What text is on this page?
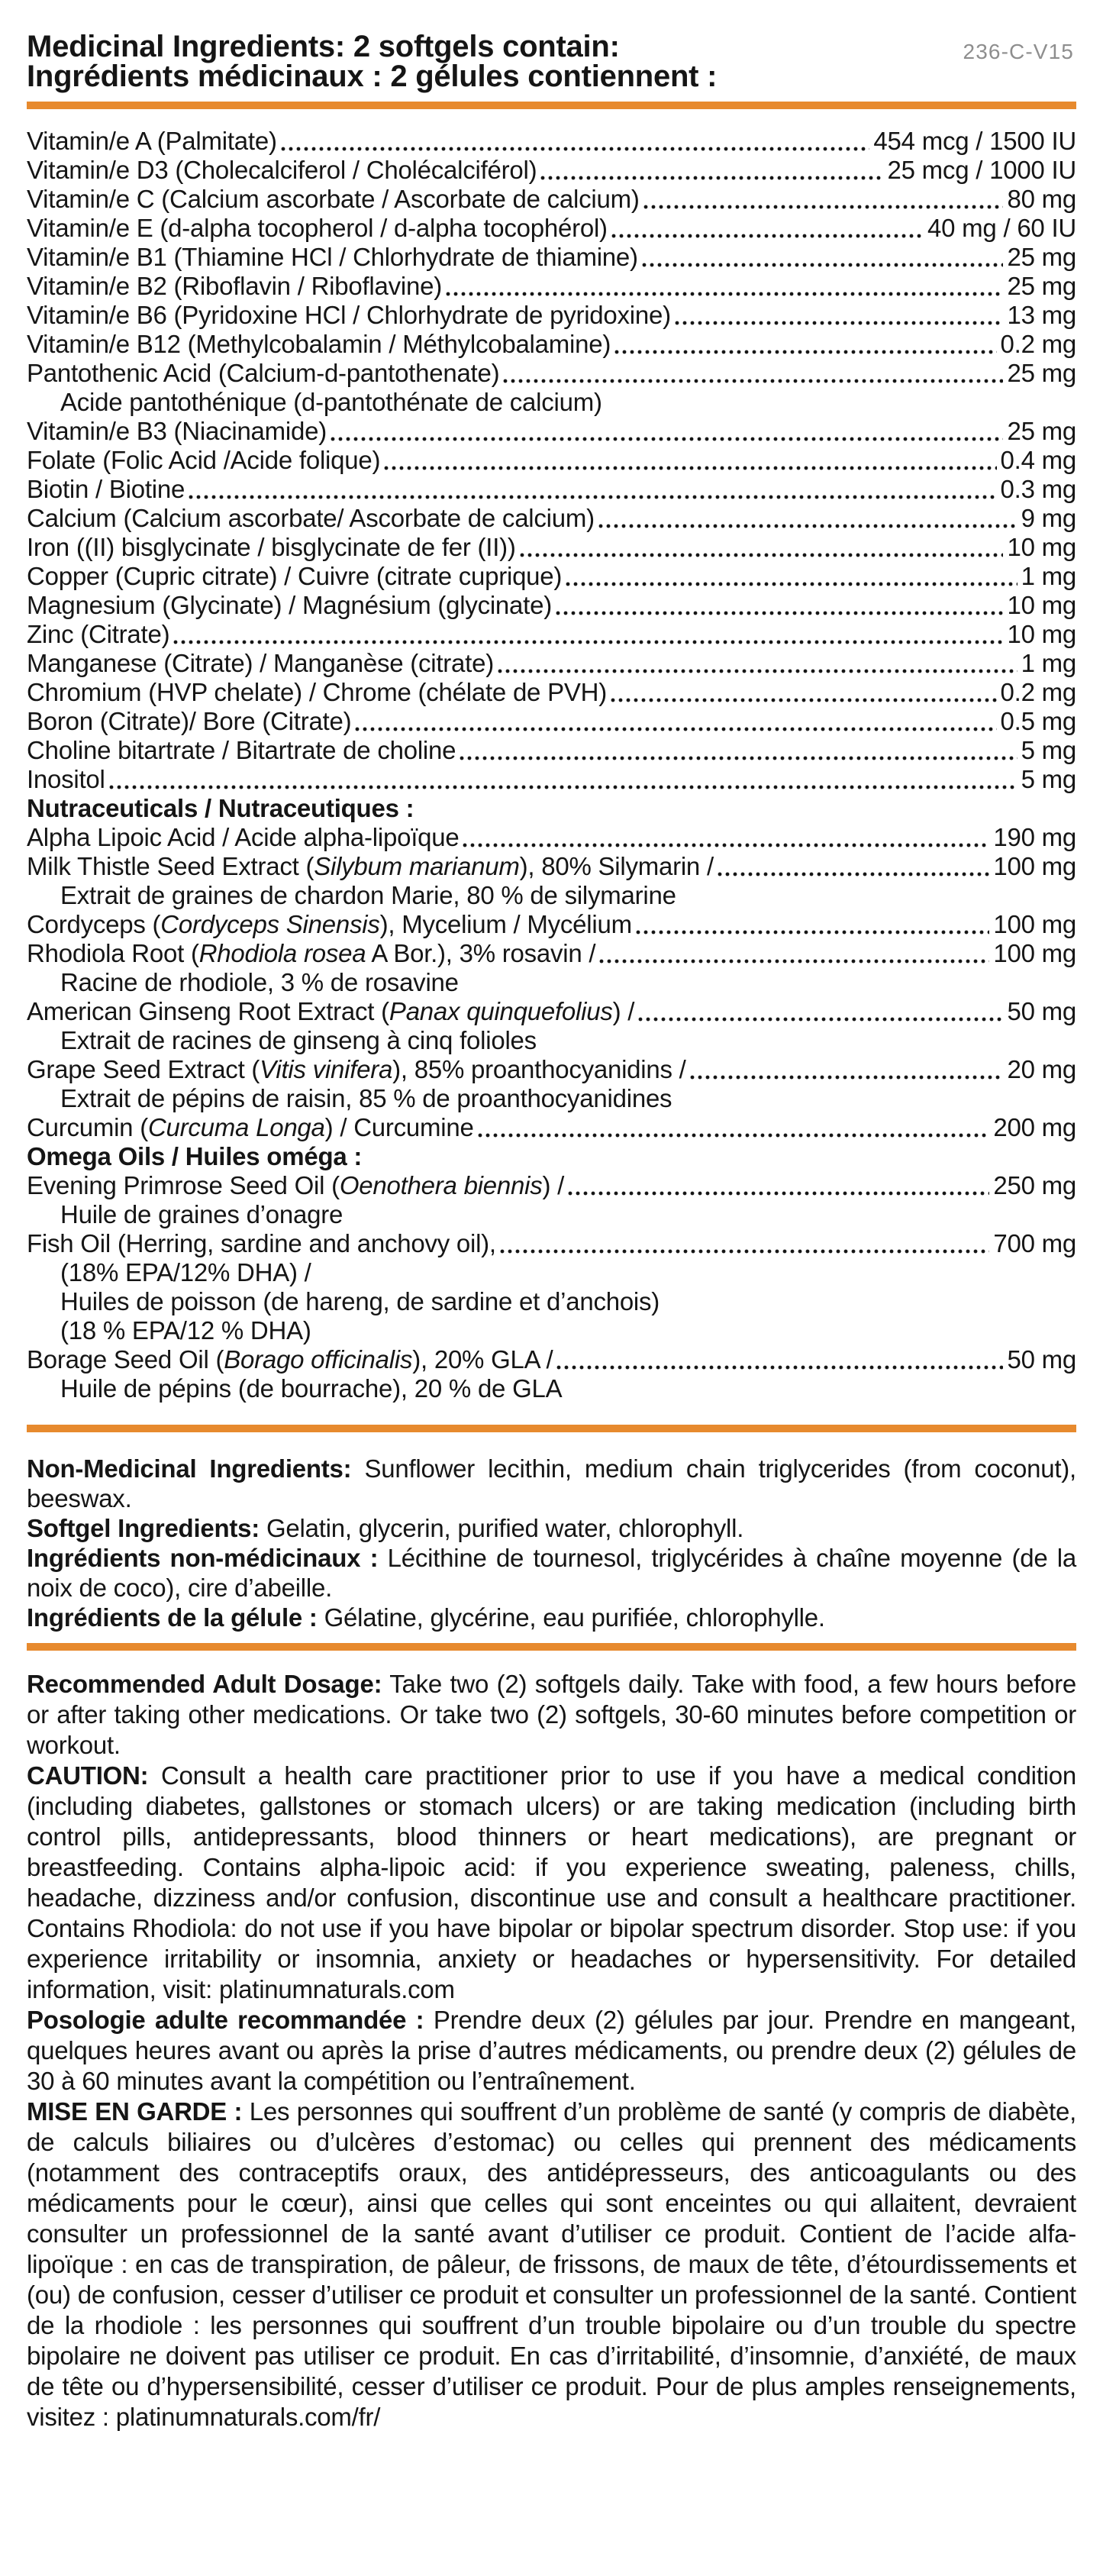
236-C-V15
Medicinal Ingredients: 2 softgels contain:
Ingrédients médicinaux : 2 gélules contiennent :
Vitamin/e A (Palmitate)	454 mcg / 1500 IU
Vitamin/e D3 (Cholecalciferol / Cholécalciférol)	25 mcg / 1000 IU
Vitamin/e C (Calcium ascorbate / Ascorbate de calcium)	80 mg
Vitamin/e E (d-alpha tocopherol / d-alpha tocophérol)	40 mg / 60 IU
Vitamin/e B1 (Thiamine HCl / Chlorhydrate de thiamine)	25 mg
Vitamin/e B2 (Riboflavin / Riboflavine)	25 mg
Vitamin/e B6 (Pyridoxine HCl / Chlorhydrate de pyridoxine)	13 mg
Vitamin/e B12 (Methylcobalamin / Méthylcobalamine)	0.2 mg
Pantothenic Acid (Calcium-d-pantothenate)	25 mg
Acide pantothénique (d-pantothénate de calcium)
Vitamin/e B3 (Niacinamide)	25 mg
Folate (Folic Acid /Acide folique)	0.4 mg
Biotin / Biotine	0.3 mg
Calcium (Calcium ascorbate/ Ascorbate de calcium)	9 mg
Iron ((II) bisglycinate / bisglycinate de fer (II))	10 mg
Copper (Cupric citrate) / Cuivre (citrate cuprique)	1 mg
Magnesium (Glycinate) / Magnésium (glycinate)	10 mg
Zinc (Citrate)	10 mg
Manganese (Citrate) / Manganèse (citrate)	1 mg
Chromium (HVP chelate) / Chrome (chélate de PVH)	0.2 mg
Boron (Citrate)/ Bore (Citrate)	0.5 mg
Choline bitartrate / Bitartrate de choline	5 mg
Inositol	5 mg
Nutraceuticals / Nutraceutiques :
Alpha Lipoic Acid / Acide alpha-lipoïque	190 mg
Milk Thistle Seed Extract (Silybum marianum), 80% Silymarin /	100 mg
Extrait de graines de chardon Marie, 80 % de silymarine
Cordyceps (Cordyceps Sinensis), Mycelium / Mycélium	100 mg
Rhodiola Root (Rhodiola rosea A Bor.), 3% rosavin /	100 mg
Racine de rhodiole, 3 % de rosavine
American Ginseng Root Extract (Panax quinquefolius) /	50 mg
Extrait de racines de ginseng à cinq folioles
Grape Seed Extract (Vitis vinifera), 85% proanthocyanidins /	20 mg
Extrait de pépins de raisin, 85 % de proanthocyanidines
Curcumin (Curcuma Longa) / Curcumine	200 mg
Omega Oils / Huiles oméga :
Evening Primrose Seed Oil (Oenothera biennis) /	250 mg
Huile de graines d’onagre
Fish Oil (Herring, sardine and anchovy oil),	700 mg
(18% EPA/12% DHA) /
Huiles de poisson (de hareng, de sardine et d’anchois)
(18 % EPA/12 % DHA)
Borage Seed Oil (Borago officinalis), 20% GLA /	50 mg
Huile de pépins (de bourrache), 20 % de GLA
Non-Medicinal Ingredients: Sunflower lecithin, medium chain triglycerides (from coconut), beeswax.
Softgel Ingredients: Gelatin, glycerin, purified water, chlorophyll.
Ingrédients non-médicinaux : Lécithine de tournesol, triglycérides à chaîne moyenne (de la noix de coco), cire d’abeille.
Ingrédients de la gélule : Gélatine, glycérine, eau purifiée, chlorophylle.
Recommended Adult Dosage: Take two (2) softgels daily. Take with food, a few hours before or after taking other medications. Or take two (2) softgels, 30-60 minutes before competition or workout.
CAUTION: Consult a health care practitioner prior to use if you have a medical condition (including diabetes, gallstones or stomach ulcers) or are taking medication (including birth control pills, antidepressants, blood thinners or heart medications), are pregnant or breastfeeding. Contains alpha-lipoic acid: if you experience sweating, paleness, chills, headache, dizziness and/or confusion, discontinue use and consult a healthcare practitioner. Contains Rhodiola: do not use if you have bipolar or bipolar spectrum disorder. Stop use: if you experience irritability or insomnia, anxiety or headaches or hypersensitivity. For detailed information, visit: platinumnaturals.com
Posologie adulte recommandée : Prendre deux (2) gélules par jour. Prendre en mangeant, quelques heures avant ou après la prise d’autres médicaments, ou prendre deux (2) gélules de 30 à 60 minutes avant la compétition ou l’entraînement.
MISE EN GARDE : Les personnes qui souffrent d’un problème de santé (y compris de diabète, de calculs biliaires ou d’ulcères d’estomac) ou celles qui prennent des médicaments (notamment des contraceptifs oraux, des antidépresseurs, des anticoagulants ou des médicaments pour le cœur), ainsi que celles qui sont enceintes ou qui allaitent, devraient consulter un professionnel de la santé avant d’utiliser ce produit. Contient de l’acide alfa-lipoïque : en cas de transpiration, de pâleur, de frissons, de maux de tête, d’étourdissements et (ou) de confusion, cesser d’utiliser ce produit et consulter un professionnel de la santé. Contient de la rhodiole : les personnes qui souffrent d’un trouble bipolaire ou d’un trouble du spectre bipolaire ne doivent pas utiliser ce produit. En cas d’irritabilité, d’insomnie, d’anxiété, de maux de tête ou d’hypersensibilité, cesser d’utiliser ce produit. Pour de plus amples renseignements, visitez : platinumnaturals.com/fr/
